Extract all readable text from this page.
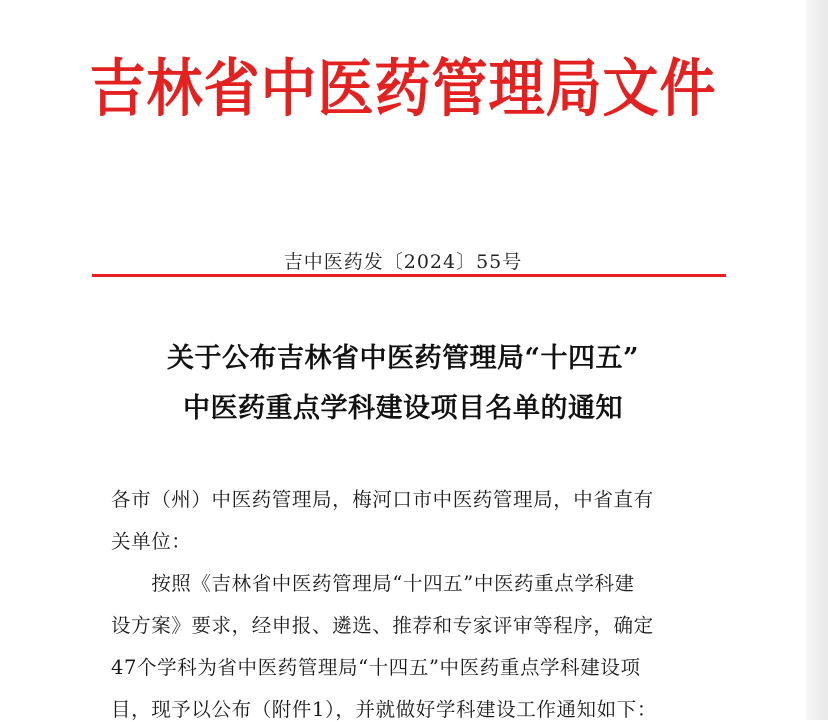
吉林省中医药管理局文件
吉中医药发〔2024〕55号
关于公布吉林省中医药管理局“十四五”
中医药重点学科建设项目名单的通知
各市（州）中医药管理局，梅河口市中医药管理局，中省直有
关单位：
　　按照《吉林省中医药管理局“十四五”中医药重点学科建
设方案》要求，经申报、遴选、推荐和专家评审等程序，确定
47个学科为省中医药管理局“十四五”中医药重点学科建设项
目，现予以公布（附件1），并就做好学科建设工作通知如下：
